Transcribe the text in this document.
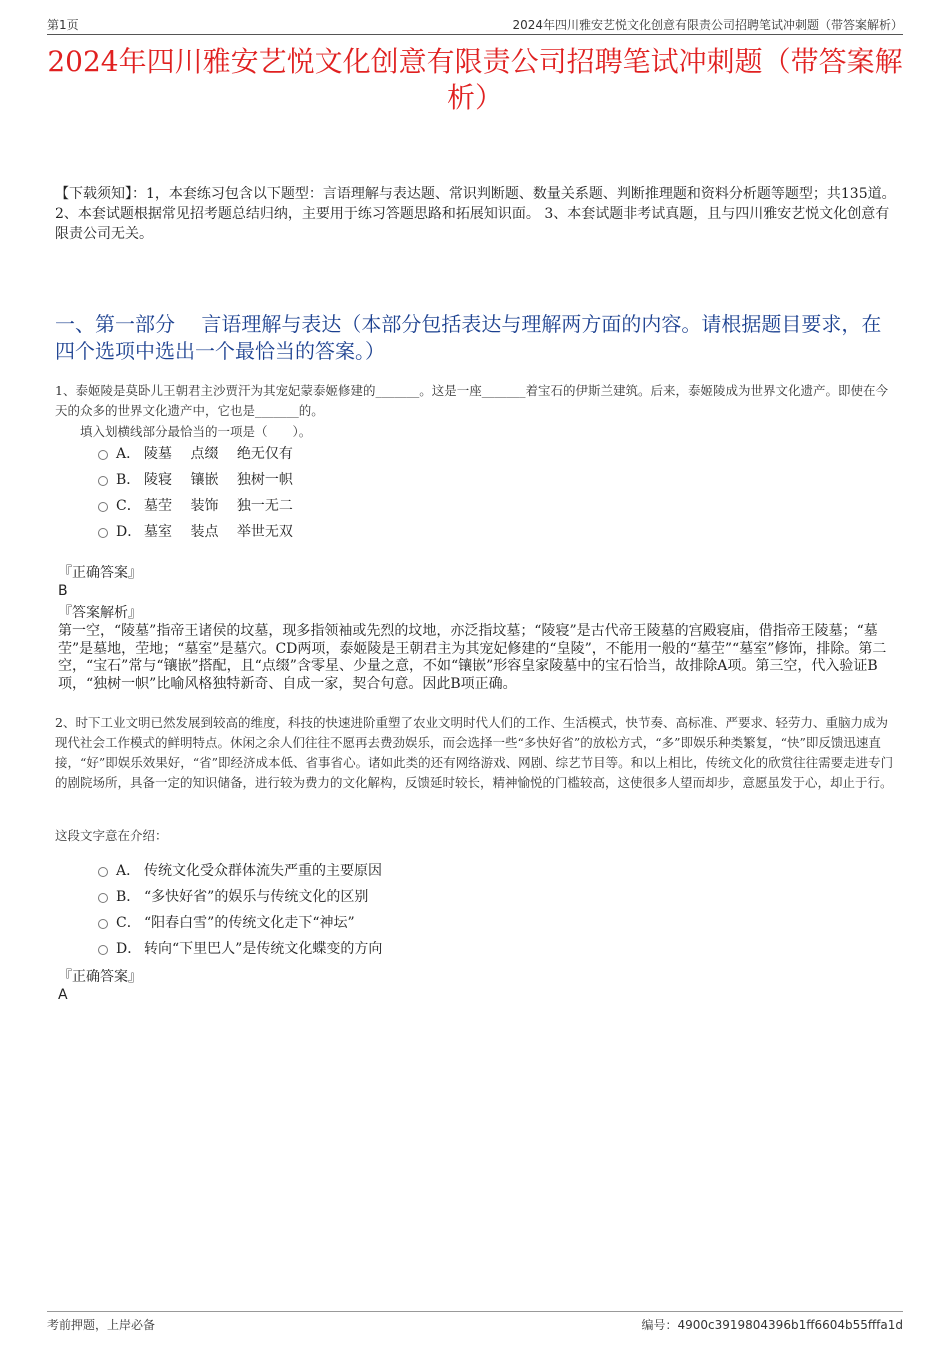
第1页	2024年四川雅安艺悦文化创意有限责公司招聘笔试冲刺题（带答案解析）
2024年四川雅安艺悦文化创意有限责公司招聘笔试冲刺题（带答案解析）
【下载须知】：1，本套练习包含以下题型：言语理解与表达题、常识判断题、数量关系题、判断推理题和资料分析题等题型；共135道。 2、本套试题根据常见招考题总结归纳，主要用于练习答题思路和拓展知识面。 3、本套试题非考试真题，且与四川雅安艺悦文化创意有限责公司无关。
一、第一部分　 言语理解与表达（本部分包括表达与理解两方面的内容。请根据题目要求，在四个选项中选出一个最恰当的答案。）
1、泰姬陵是莫卧儿王朝君主沙贾汗为其宠妃蒙泰姬修建的_______。这是一座_______着宝石的伊斯兰建筑。后来，泰姬陵成为世界文化遗产。即使在今天的众多的世界文化遗产中，它也是_______的。
填入划横线部分最恰当的一项是（　　）。
A． 陵墓　 点缀　 绝无仅有
B． 陵寝　 镶嵌　 独树一帜
C． 墓茔　 装饰　 独一无二
D． 墓室　 装点　 举世无双
『正确答案』
B
『答案解析』
第一空，“陵墓”指帝王诸侯的坟墓，现多指领袖或先烈的坟地，亦泛指坟墓；“陵寝”是古代帝王陵墓的宫殿寝庙，借指帝王陵墓；“墓茔”是墓地，茔地；“墓室”是墓穴。CD两项，泰姬陵是王朝君主为其宠妃修建的“皇陵”，不能用一般的“墓茔”“墓室”修饰，排除。第二空，“宝石”常与“镶嵌”搭配，且“点缀”含零星、少量之意，不如“镶嵌”形容皇家陵墓中的宝石恰当，故排除A项。第三空，代入验证B项，“独树一帜”比喻风格独特新奇、自成一家，契合句意。因此B项正确。
2、时下工业文明已然发展到较高的维度，科技的快速进阶重塑了农业文明时代人们的工作、生活模式，快节奏、高标准、严要求、轻劳力、重脑力成为现代社会工作模式的鲜明特点。休闲之余人们往往不愿再去费劲娱乐，而会选择一些“多快好省”的放松方式，“多”即娱乐种类繁复，“快”即反馈迅速直接，“好”即娱乐效果好，“省”即经济成本低、省事省心。诸如此类的还有网络游戏、网剧、综艺节目等。和以上相比，传统文化的欣赏往往需要走进专门的剧院场所，具备一定的知识储备，进行较为费力的文化解构，反馈延时较长，精神愉悦的门槛较高，这使很多人望而却步，意愿虽发于心，却止于行。
这段文字意在介绍：
A． 传统文化受众群体流失严重的主要原因
B． “多快好省”的娱乐与传统文化的区别
C． “阳春白雪”的传统文化走下“神坛”
D． 转向“下里巴人”是传统文化蝶变的方向
『正确答案』
A
考前押题，上岸必备	编号：4900c3919804396b1ff6604b55fffa1d
